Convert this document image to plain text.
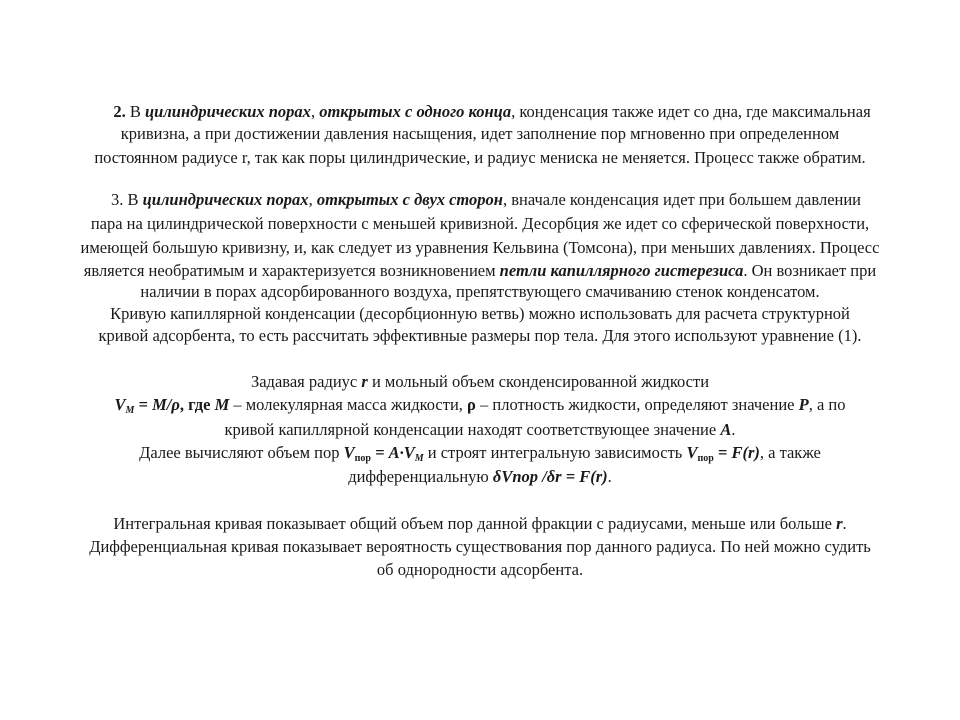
2. В цилиндрических порах, открытых с одного конца, конденсация также идет со дна, где максимальная
кривизна, а при достижении давления насыщения, идет заполнение пор мгновенно при определенном
постоянном радиусе r, так как поры цилиндрические, и радиус мениска не меняется. Процесс также обратим.
3. В цилиндрических порах, открытых с двух сторон, вначале конденсация идет при большем давлении
пара на цилиндрической поверхности с меньшей кривизной. Десорбция же идет со сферической поверхности,
имеющей большую кривизну, и, как следует из уравнения Кельвина (Томсона), при меньших давлениях. Процесс
является необратимым и характеризуется возникновением петли капиллярного гистерезиса. Он возникает при
наличии в порах адсорбированного воздуха, препятствующего смачиванию стенок конденсатом.
Кривую капиллярной конденсации (десорбционную ветвь) можно использовать для расчета структурной
кривой адсорбента, то есть рассчитать эффективные размеры пор тела. Для этого используют уравнение (1).
Задавая радиус r и мольный объем сконденсированной жидкости
$V_М = М/\rho$, где М – молекулярная масса жидкости, ρ – плотность жидкости, определяют значение Р, а по
кривой капиллярной конденсации находят соответствующее значение А.
Далее вычисляют объем пор $V_{пор} = А\cdot V_М$ и строят интегральную зависимость $V_{пор} = F(r)$, а также
дифференциальную δVпор /δr = F(r).
Интегральная кривая показывает общий объем пор данной фракции с радиусами, меньше или больше r.
Дифференциальная кривая показывает вероятность существования пор данного радиуса. По ней можно судить
об однородности адсорбента.
